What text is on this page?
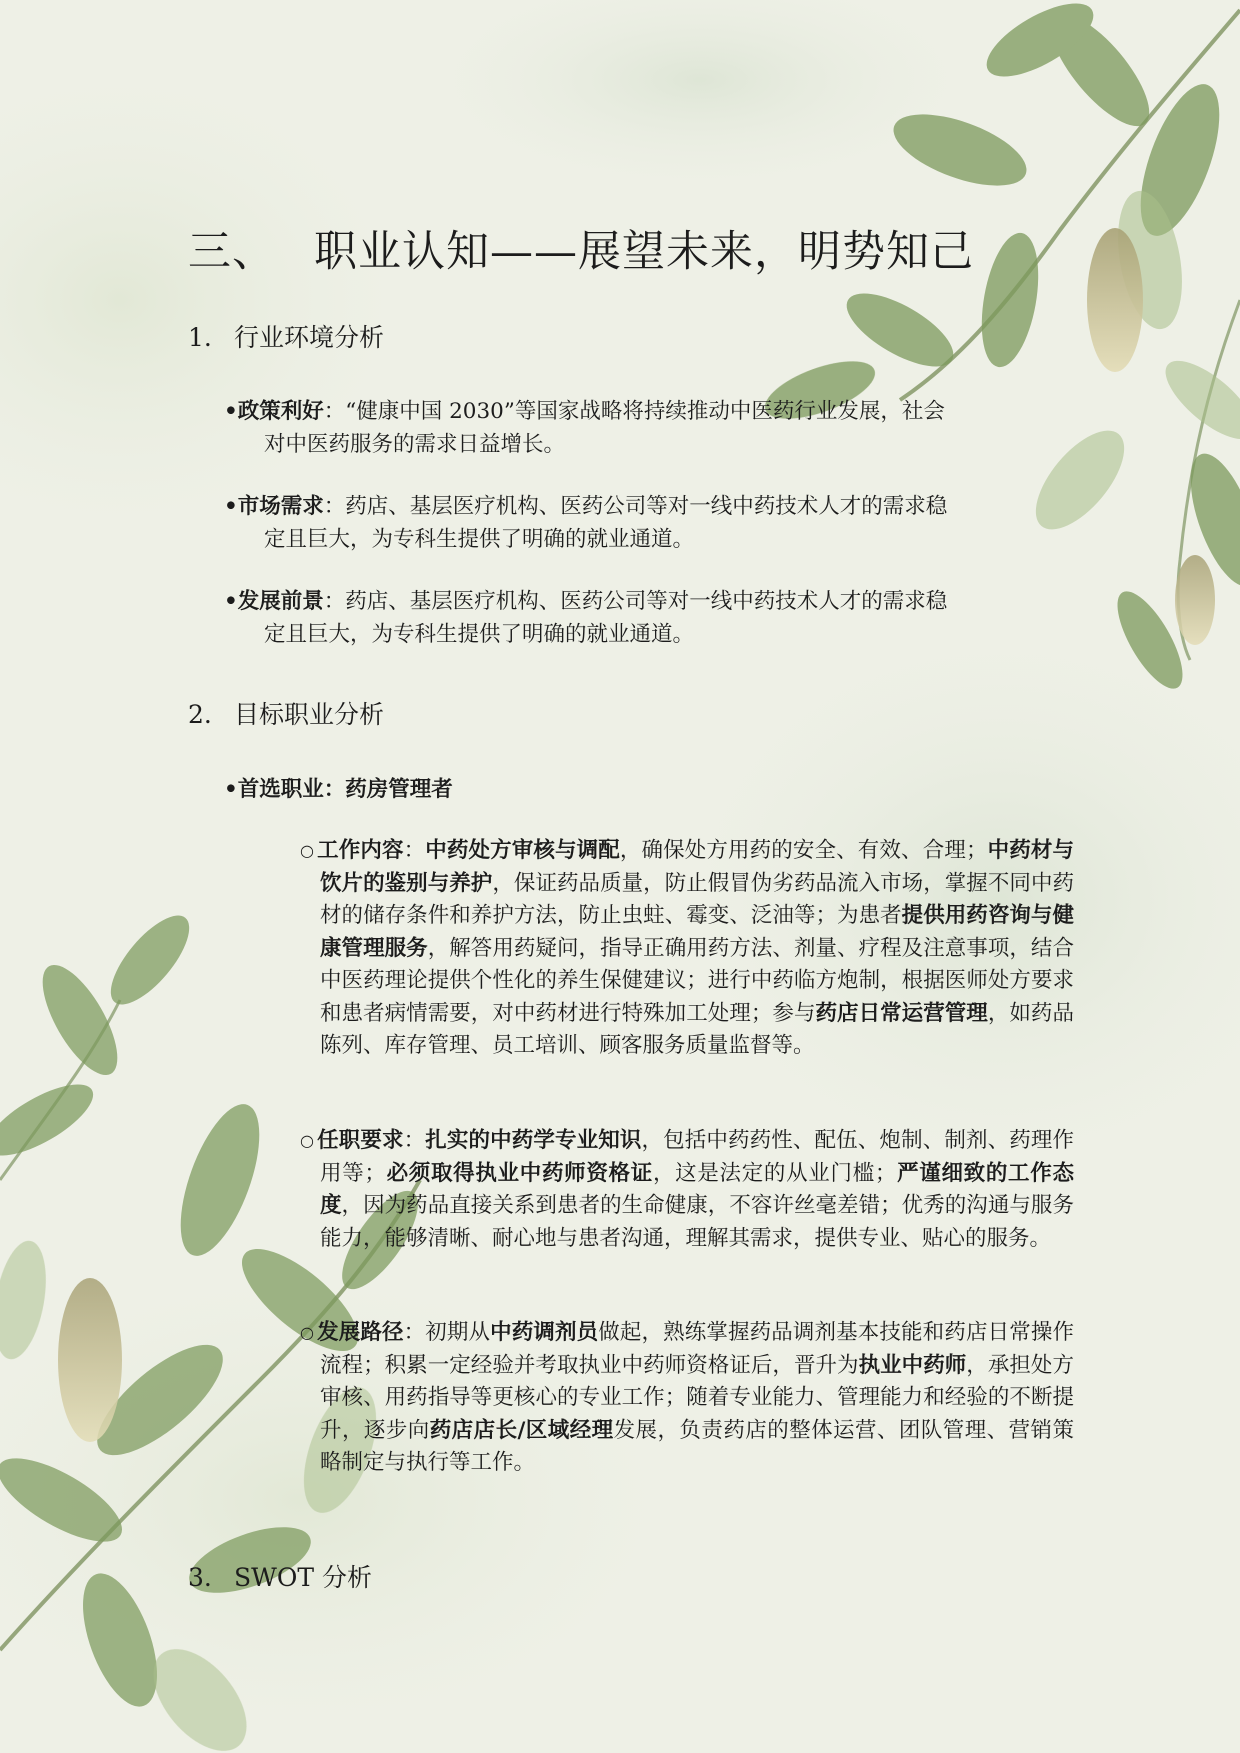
三、 职业认知——展望未来，明势知己
1. 行业环境分析
•政策利好：“健康中国 2030”等国家战略将持续推动中医药行业发展，社会
对中医药服务的需求日益增长。
•市场需求：药店、基层医疗机构、医药公司等对一线中药技术人才的需求稳
定且巨大，为专科生提供了明确的就业通道。
•发展前景：药店、基层医疗机构、医药公司等对一线中药技术人才的需求稳
定且巨大，为专科生提供了明确的就业通道。
2. 目标职业分析
•首选职业：药房管理者
○ 工作内容：中药处方审核与调配，确保处方用药的安全、有效、合理；中药材与饮片的鉴别与养护，保证药品质量，防止假冒伪劣药品流入市场，掌握不同中药材的储存条件和养护方法，防止虫蛀、霉变、泛油等；为患者提供用药咨询与健康管理服务，解答用药疑问，指导正确用药方法、剂量、疗程及注意事项，结合中医药理论提供个性化的养生保健建议；进行中药临方炮制，根据医师处方要求和患者病情需要，对中药材进行特殊加工处理；参与药店日常运营管理，如药品陈列、库存管理、员工培训、顾客服务质量监督等。
○ 任职要求：扎实的中药学专业知识，包括中药药性、配伍、炮制、制剂、药理作用等；必须取得执业中药师资格证，这是法定的从业门槛；严谨细致的工作态度，因为药品直接关系到患者的生命健康，不容许丝毫差错；优秀的沟通与服务能力，能够清晰、耐心地与患者沟通，理解其需求，提供专业、贴心的服务。
○ 发展路径：初期从中药调剂员做起，熟练掌握药品调剂基本技能和药店日常操作流程；积累一定经验并考取执业中药师资格证后，晋升为执业中药师，承担处方审核、用药指导等更核心的专业工作；随着专业能力、管理能力和经验的不断提升，逐步向药店店长/区域经理发展，负责药店的整体运营、团队管理、营销策略制定与执行等工作。
3. SWOT 分析
